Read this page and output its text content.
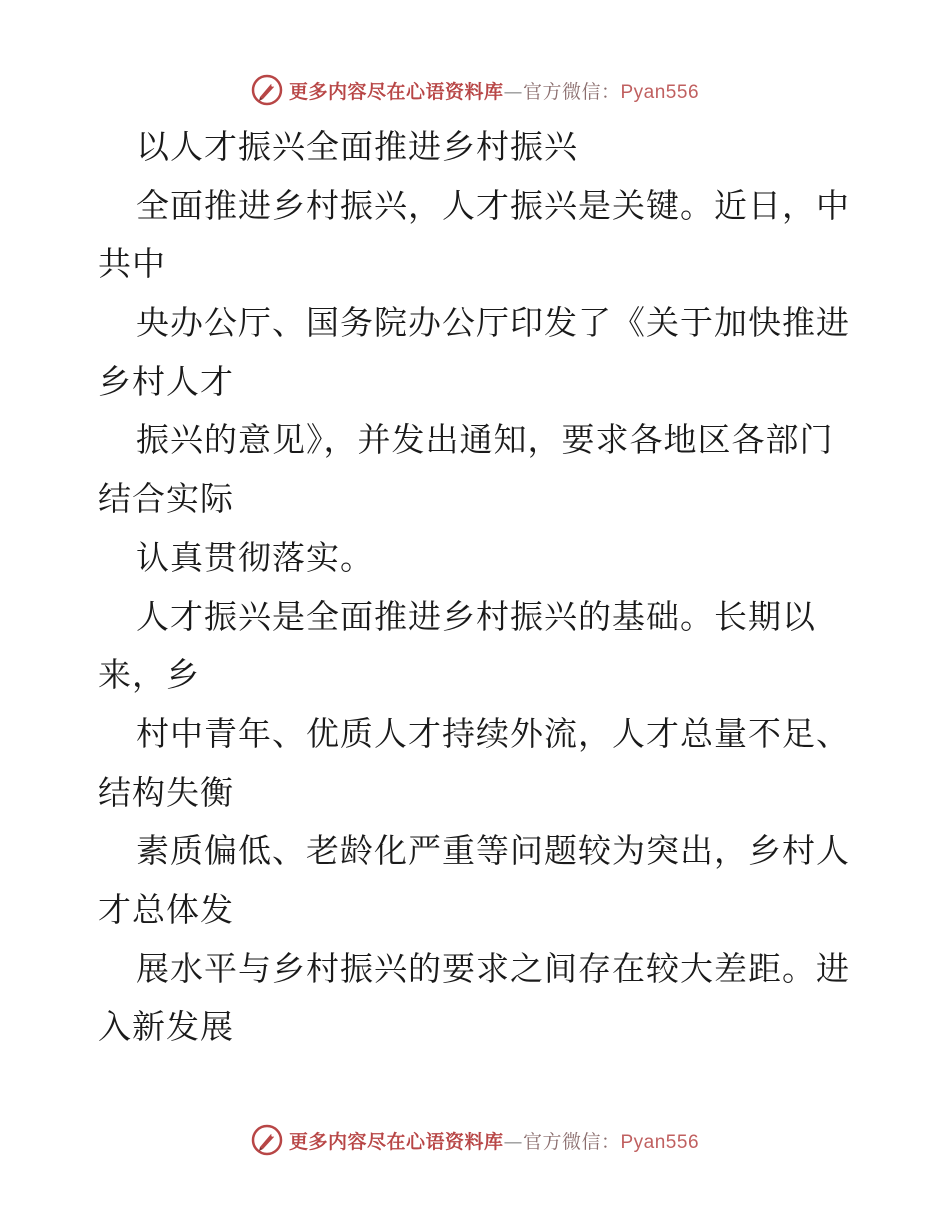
更多内容尽在心语资料库—官方微信：Pyan556
以人才振兴全面推进乡村振兴
全面推进乡村振兴，人才振兴是关键。近日，中
共中
央办公厅、国务院办公厅印发了《关于加快推进
乡村人才
振兴的意见》，并发出通知，要求各地区各部门
结合实际
认真贯彻落实。
人才振兴是全面推进乡村振兴的基础。长期以
来，乡
村中青年、优质人才持续外流，人才总量不足、
结构失衡
素质偏低、老龄化严重等问题较为突出，乡村人
才总体发
展水平与乡村振兴的要求之间存在较大差距。进
入新发展
更多内容尽在心语资料库—官方微信：Pyan556
